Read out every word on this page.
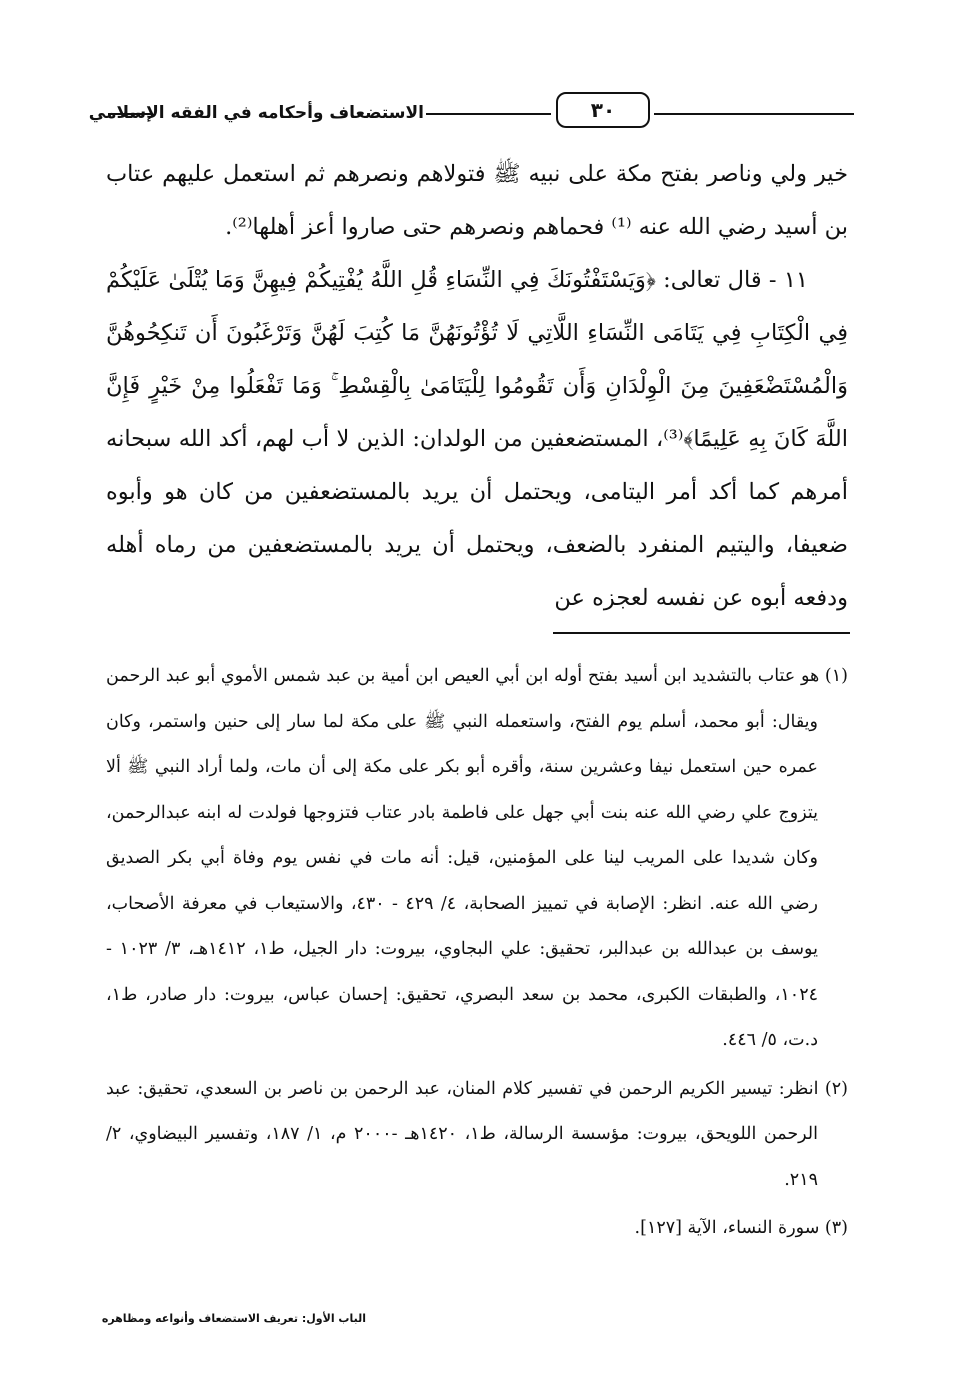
الاستضعاف وأحكامه في الفقه الإسلامي	٣٠

خير ولي وناصر بفتح مكة على نبيه ﷺ فتولاهم ونصرهم ثم استعمل عليهم عتاب بن أسيد رضي الله عنه ⁽¹⁾ فحماهم ونصرهم حتى صاروا أعز أهلها⁽²⁾.

١١ - قال تعالى: ﴿وَيَسْتَفْتُونَكَ فِي النِّسَاءِ قُلِ اللَّهُ يُفْتِيكُمْ فِيهِنَّ وَمَا يُتْلَىٰ عَلَيْكُمْ فِي الْكِتَابِ فِي يَتَامَى النِّسَاءِ اللَّاتِي لَا تُؤْتُونَهُنَّ مَا كُتِبَ لَهُنَّ وَتَرْغَبُونَ أَن تَنكِحُوهُنَّ وَالْمُسْتَضْعَفِينَ مِنَ الْوِلْدَانِ وَأَن تَقُومُوا لِلْيَتَامَىٰ بِالْقِسْطِ ۚ وَمَا تَفْعَلُوا مِنْ خَيْرٍ فَإِنَّ اللَّهَ كَانَ بِهِ عَلِيمًا﴾⁽³⁾، المستضعفين من الولدان: الذين لا أب لهم، أكد الله سبحانه أمرهم كما أكد أمر اليتامى، ويحتمل أن يريد بالمستضعفين من كان هو وأبوه ضعيفا، واليتيم المنفرد بالضعف، ويحتمل أن يريد بالمستضعفين من رماه أهله ودفعه أبوه عن نفسه لعجزه عن

(١) هو عتاب بالتشديد ابن أسيد بفتح أوله ابن أبي العيص ابن أمية بن عبد شمس الأموي أبو عبد الرحمن ويقال: أبو محمد، أسلم يوم الفتح، واستعمله النبي ﷺ على مكة لما سار إلى حنين واستمر، وكان عمره حين استعمل نيفا وعشرين سنة، وأقره أبو بكر على مكة إلى أن مات، ولما أراد النبي ﷺ ألا يتزوج علي رضي الله عنه بنت أبي جهل على فاطمة بادر عتاب فتزوجها فولدت له ابنه عبدالرحمن، وكان شديدا على المريب لينا على المؤمنين، قيل: أنه مات في نفس يوم وفاة أبي بكر الصديق رضي الله عنه. انظر: الإصابة في تمييز الصحابة، ٤/ ٤٢٩ - ٤٣٠، والاستيعاب في معرفة الأصحاب، يوسف بن عبدالله بن عبدالبر، تحقيق: علي البجاوي، بيروت: دار الجيل، ط١، ١٤١٢هـ، ٣/ ١٠٢٣ - ١٠٢٤، والطبقات الكبرى، محمد بن سعد البصري، تحقيق: إحسان عباس، بيروت: دار صادر، ط١، د.ت، ٥/ ٤٤٦.

(٢) انظر: تيسير الكريم الرحمن في تفسير كلام المنان، عبد الرحمن بن ناصر بن السعدي، تحقيق: عبد الرحمن اللويحق، بيروت: مؤسسة الرسالة، ط١، ١٤٢٠هـ -٢٠٠٠ م، ١/ ١٨٧، وتفسير البيضاوي، ٢/ ٢١٩.

(٣) سورة النساء، الآية [١٢٧].

الباب الأول: تعريف الاستضعاف وأنواعه ومظاهره
